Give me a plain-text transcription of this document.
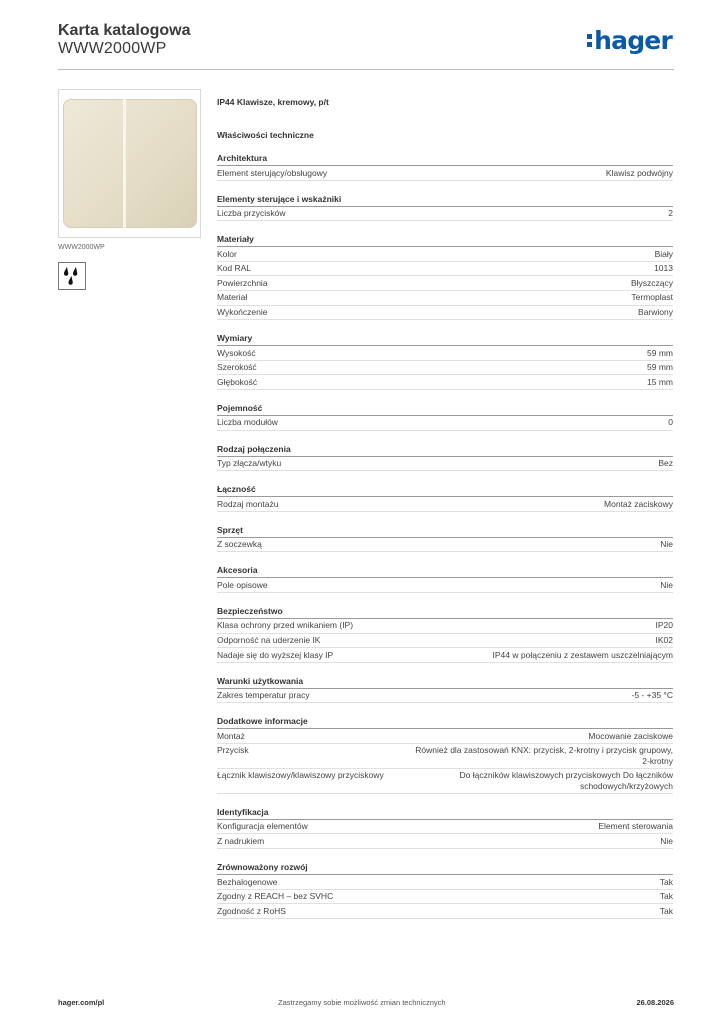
Karta katalogowa
WWW2000WP	hager
WWW2000WP
IP44 Klawisze, kremowy, p/t
Właściwości techniczne
Architektura
Element sterujący/obsługowy	Klawisz podwójny
Elementy sterujące i wskaźniki
Liczba przycisków	2
Materiały
Kolor	Biały
Kod RAL	1013
Powierzchnia	Błyszczący
Materiał	Termoplast
Wykończenie	Barwiony
Wymiary
Wysokość	59 mm
Szerokość	59 mm
Głębokość	15 mm
Pojemność
Liczba modułów	0
Rodzaj połączenia
Typ złącza/wtyku	Bez
Łączność
Rodzaj montażu	Montaż zaciskowy
Sprzęt
Z soczewką	Nie
Akcesoria
Pole opisowe	Nie
Bezpieczeństwo
Klasa ochrony przed wnikaniem (IP)	IP20
Odporność na uderzenie IK	IK02
Nadaje się do wyższej klasy IP	IP44 w połączeniu z zestawem uszczelniającym
Warunki użytkowania
Zakres temperatur pracy	-5 - +35 °C
Dodatkowe informacje
Montaż	Mocowanie zaciskowe
Przycisk	Również dla zastosowań KNX: przycisk, 2-krotny i przycisk grupowy, 2-krotny
Łącznik klawiszowy/klawiszowy przyciskowy	Do łączników klawiszowych przyciskowych Do łączników schodowych/krzyżowych
Identyfikacja
Konfiguracja elementów	Element sterowania
Z nadrukiem	Nie
Zrównoważony rozwój
Bezhalogenowe	Tak
Zgodny z REACH – bez SVHC	Tak
Zgodność z RoHS	Tak
hager.com/pl	Zastrzegamy sobie możliwość zmian technicznych	26.08.2026
